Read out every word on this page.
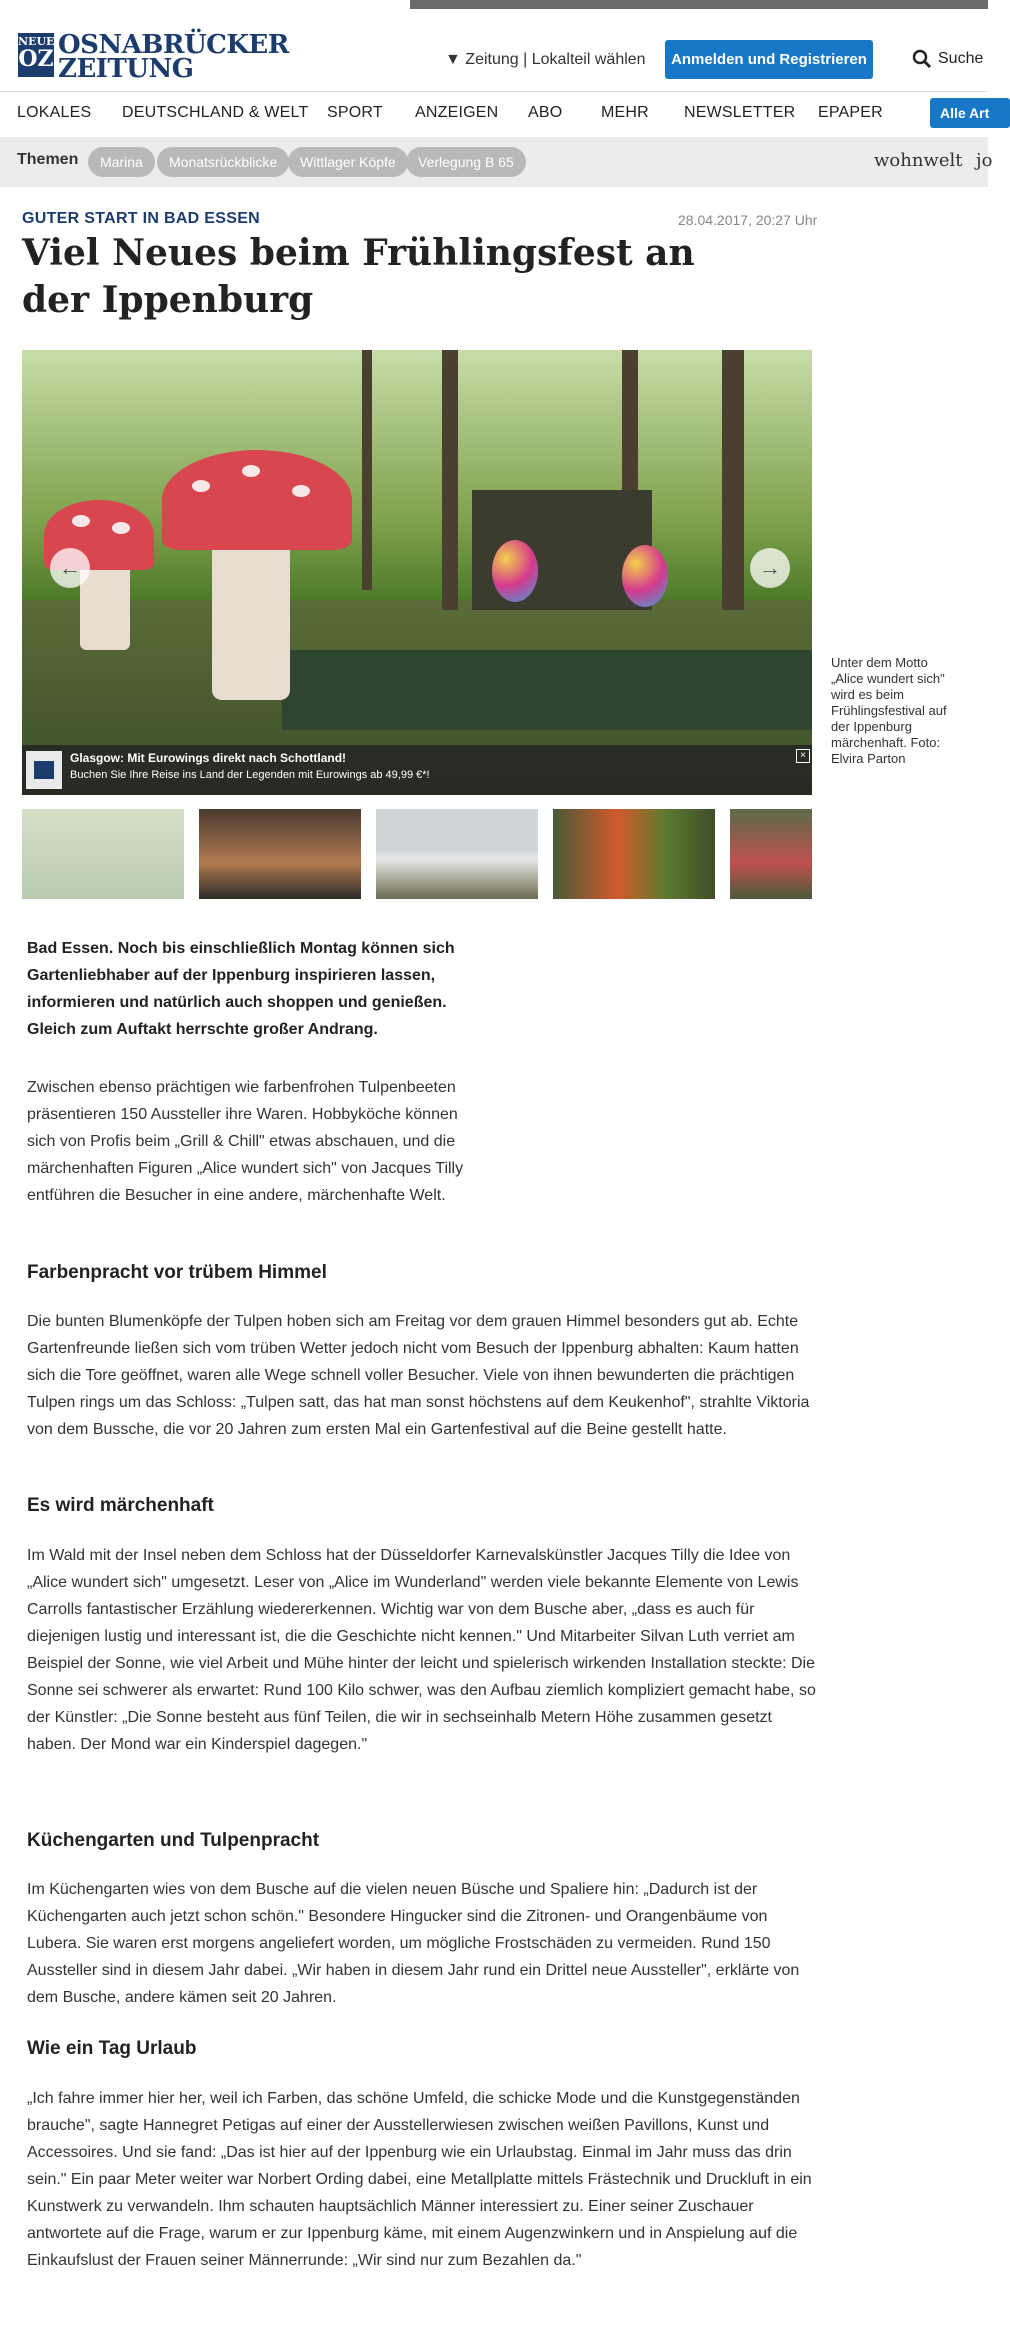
NEUE
OZ OSNABRÜCKER
ZEITUNG	▼ Zeitung | Lokalteil wählen	Anmelden und Registrieren	Suche
LOKALES DEUTSCHLAND & WELT SPORT ANZEIGEN ABO MEHR NEWSLETTER EPAPER	Alle Art
Themen	Marina	Monatsrückblicke	Wittlager Köpfe	Verlegung B 65	wohnwelt jo
GUTER START IN BAD ESSEN	28.04.2017, 20:27 Uhr
Viel Neues beim Frühlingsfest an der Ippenburg
←	→
Glasgow: Mit Eurowings direkt nach Schottland!
Buchen Sie Ihre Reise ins Land der Legenden mit Eurowings ab 49,99 €*!
×
Unter dem Motto „Alice wundert sich" wird es beim Frühlingsfestival auf der Ippenburg märchenhaft. Foto: Elvira Parton
Bad Essen. Noch bis einschließlich Montag können sich Gartenliebhaber auf der Ippenburg inspirieren lassen, informieren und natürlich auch shoppen und genießen. Gleich zum Auftakt herrschte großer Andrang.
Zwischen ebenso prächtigen wie farbenfrohen Tulpenbeeten präsentieren 150 Aussteller ihre Waren. Hobbyköche können sich von Profis beim „Grill & Chill" etwas abschauen, und die märchenhaften Figuren „Alice wundert sich" von Jacques Tilly entführen die Besucher in eine andere, märchenhafte Welt.
Farbenpracht vor trübem Himmel
Die bunten Blumenköpfe der Tulpen hoben sich am Freitag vor dem grauen Himmel besonders gut ab. Echte Gartenfreunde ließen sich vom trüben Wetter jedoch nicht vom Besuch der Ippenburg abhalten: Kaum hatten sich die Tore geöffnet, waren alle Wege schnell voller Besucher. Viele von ihnen bewunderten die prächtigen Tulpen rings um das Schloss: „Tulpen satt, das hat man sonst höchstens auf dem Keukenhof", strahlte Viktoria von dem Bussche, die vor 20 Jahren zum ersten Mal ein Gartenfestival auf die Beine gestellt hatte.
Es wird märchenhaft
Im Wald mit der Insel neben dem Schloss hat der Düsseldorfer Karnevalskünstler Jacques Tilly die Idee von „Alice wundert sich" umgesetzt. Leser von „Alice im Wunderland" werden viele bekannte Elemente von Lewis Carrolls fantastischer Erzählung wiedererkennen. Wichtig war von dem Busche aber, „dass es auch für diejenigen lustig und interessant ist, die die Geschichte nicht kennen." Und Mitarbeiter Silvan Luth verriet am Beispiel der Sonne, wie viel Arbeit und Mühe hinter der leicht und spielerisch wirkenden Installation steckte: Die Sonne sei schwerer als erwartet: Rund 100 Kilo schwer, was den Aufbau ziemlich kompliziert gemacht habe, so der Künstler: „Die Sonne besteht aus fünf Teilen, die wir in sechseinhalb Metern Höhe zusammen gesetzt haben. Der Mond war ein Kinderspiel dagegen."
Küchengarten und Tulpenpracht
Im Küchengarten wies von dem Busche auf die vielen neuen Büsche und Spaliere hin: „Dadurch ist der Küchengarten auch jetzt schon schön." Besondere Hingucker sind die Zitronen- und Orangenbäume von Lubera. Sie waren erst morgens angeliefert worden, um mögliche Frostschäden zu vermeiden. Rund 150 Aussteller sind in diesem Jahr dabei. „Wir haben in diesem Jahr rund ein Drittel neue Aussteller", erklärte von dem Busche, andere kämen seit 20 Jahren.
Wie ein Tag Urlaub
„Ich fahre immer hier her, weil ich Farben, das schöne Umfeld, die schicke Mode und die Kunstgegenständen brauche", sagte Hannegret Petigas auf einer der Ausstellerwiesen zwischen weißen Pavillons, Kunst und Accessoires. Und sie fand: „Das ist hier auf der Ippenburg wie ein Urlaubstag. Einmal im Jahr muss das drin sein." Ein paar Meter weiter war Norbert Ording dabei, eine Metallplatte mittels Frästechnik und Druckluft in ein Kunstwerk zu verwandeln. Ihm schauten hauptsächlich Männer interessiert zu. Einer seiner Zuschauer antwortete auf die Frage, warum er zur Ippenburg käme, mit einem Augenzwinkern und in Anspielung auf die Einkaufslust der Frauen seiner Männerrunde: „Wir sind nur zum Bezahlen da."
